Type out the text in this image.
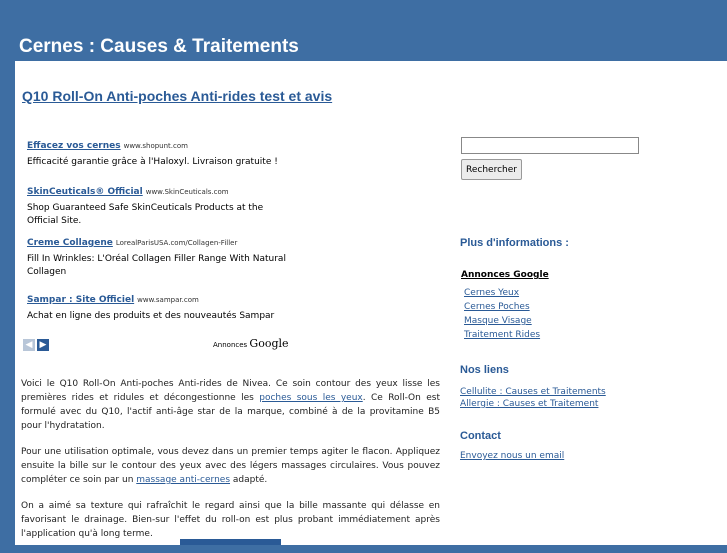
Cernes : Causes & Traitements
Q10 Roll-On Anti-poches Anti-rides test et avis
Effacez vos cernes www.shopunt.com
Efficacité garantie grâce à l'Haloxyl. Livraison gratuite !
SkinCeuticals® Official www.SkinCeuticals.com
Shop Guaranteed Safe SkinCeuticals Products at the Official Site.
Creme Collagene LorealParisUSA.com/Collagen-Filler
Fill In Wrinkles: L'Oréal Collagen Filler Range With Natural Collagen
Sampar : Site Officiel www.sampar.com
Achat en ligne des produits et des nouveautés Sampar
◀ ▶	Annonces Google

Voici le Q10 Roll-On Anti-poches Anti-rides de Nivea. Ce soin contour des yeux lisse les premières rides et ridules et décongestionne les poches sous les yeux. Ce Roll-On est formulé avec du Q10, l'actif anti-âge star de la marque, combiné à de la provitamine B5 pour l'hydratation.

Pour une utilisation optimale, vous devez dans un premier temps agiter le flacon. Appliquez ensuite la bille sur le contour des yeux avec des légers massages circulaires. Vous pouvez compléter ce soin par un massage anti-cernes adapté.

On a aimé sa texture qui rafraîchit le regard ainsi que la bille massante qui délasse en favorisant le drainage. Bien-sur l'effet du roll-on est plus probant immédiatement après l'application qu'à long terme.

Rechercher
Plus d'informations :
Annonces Google
Cernes Yeux
Cernes Poches
Masque Visage
Traitement Rides
Nos liens
Cellulite : Causes et Traitements
Allergie : Causes et Traitement
Contact
Envoyez nous un email
